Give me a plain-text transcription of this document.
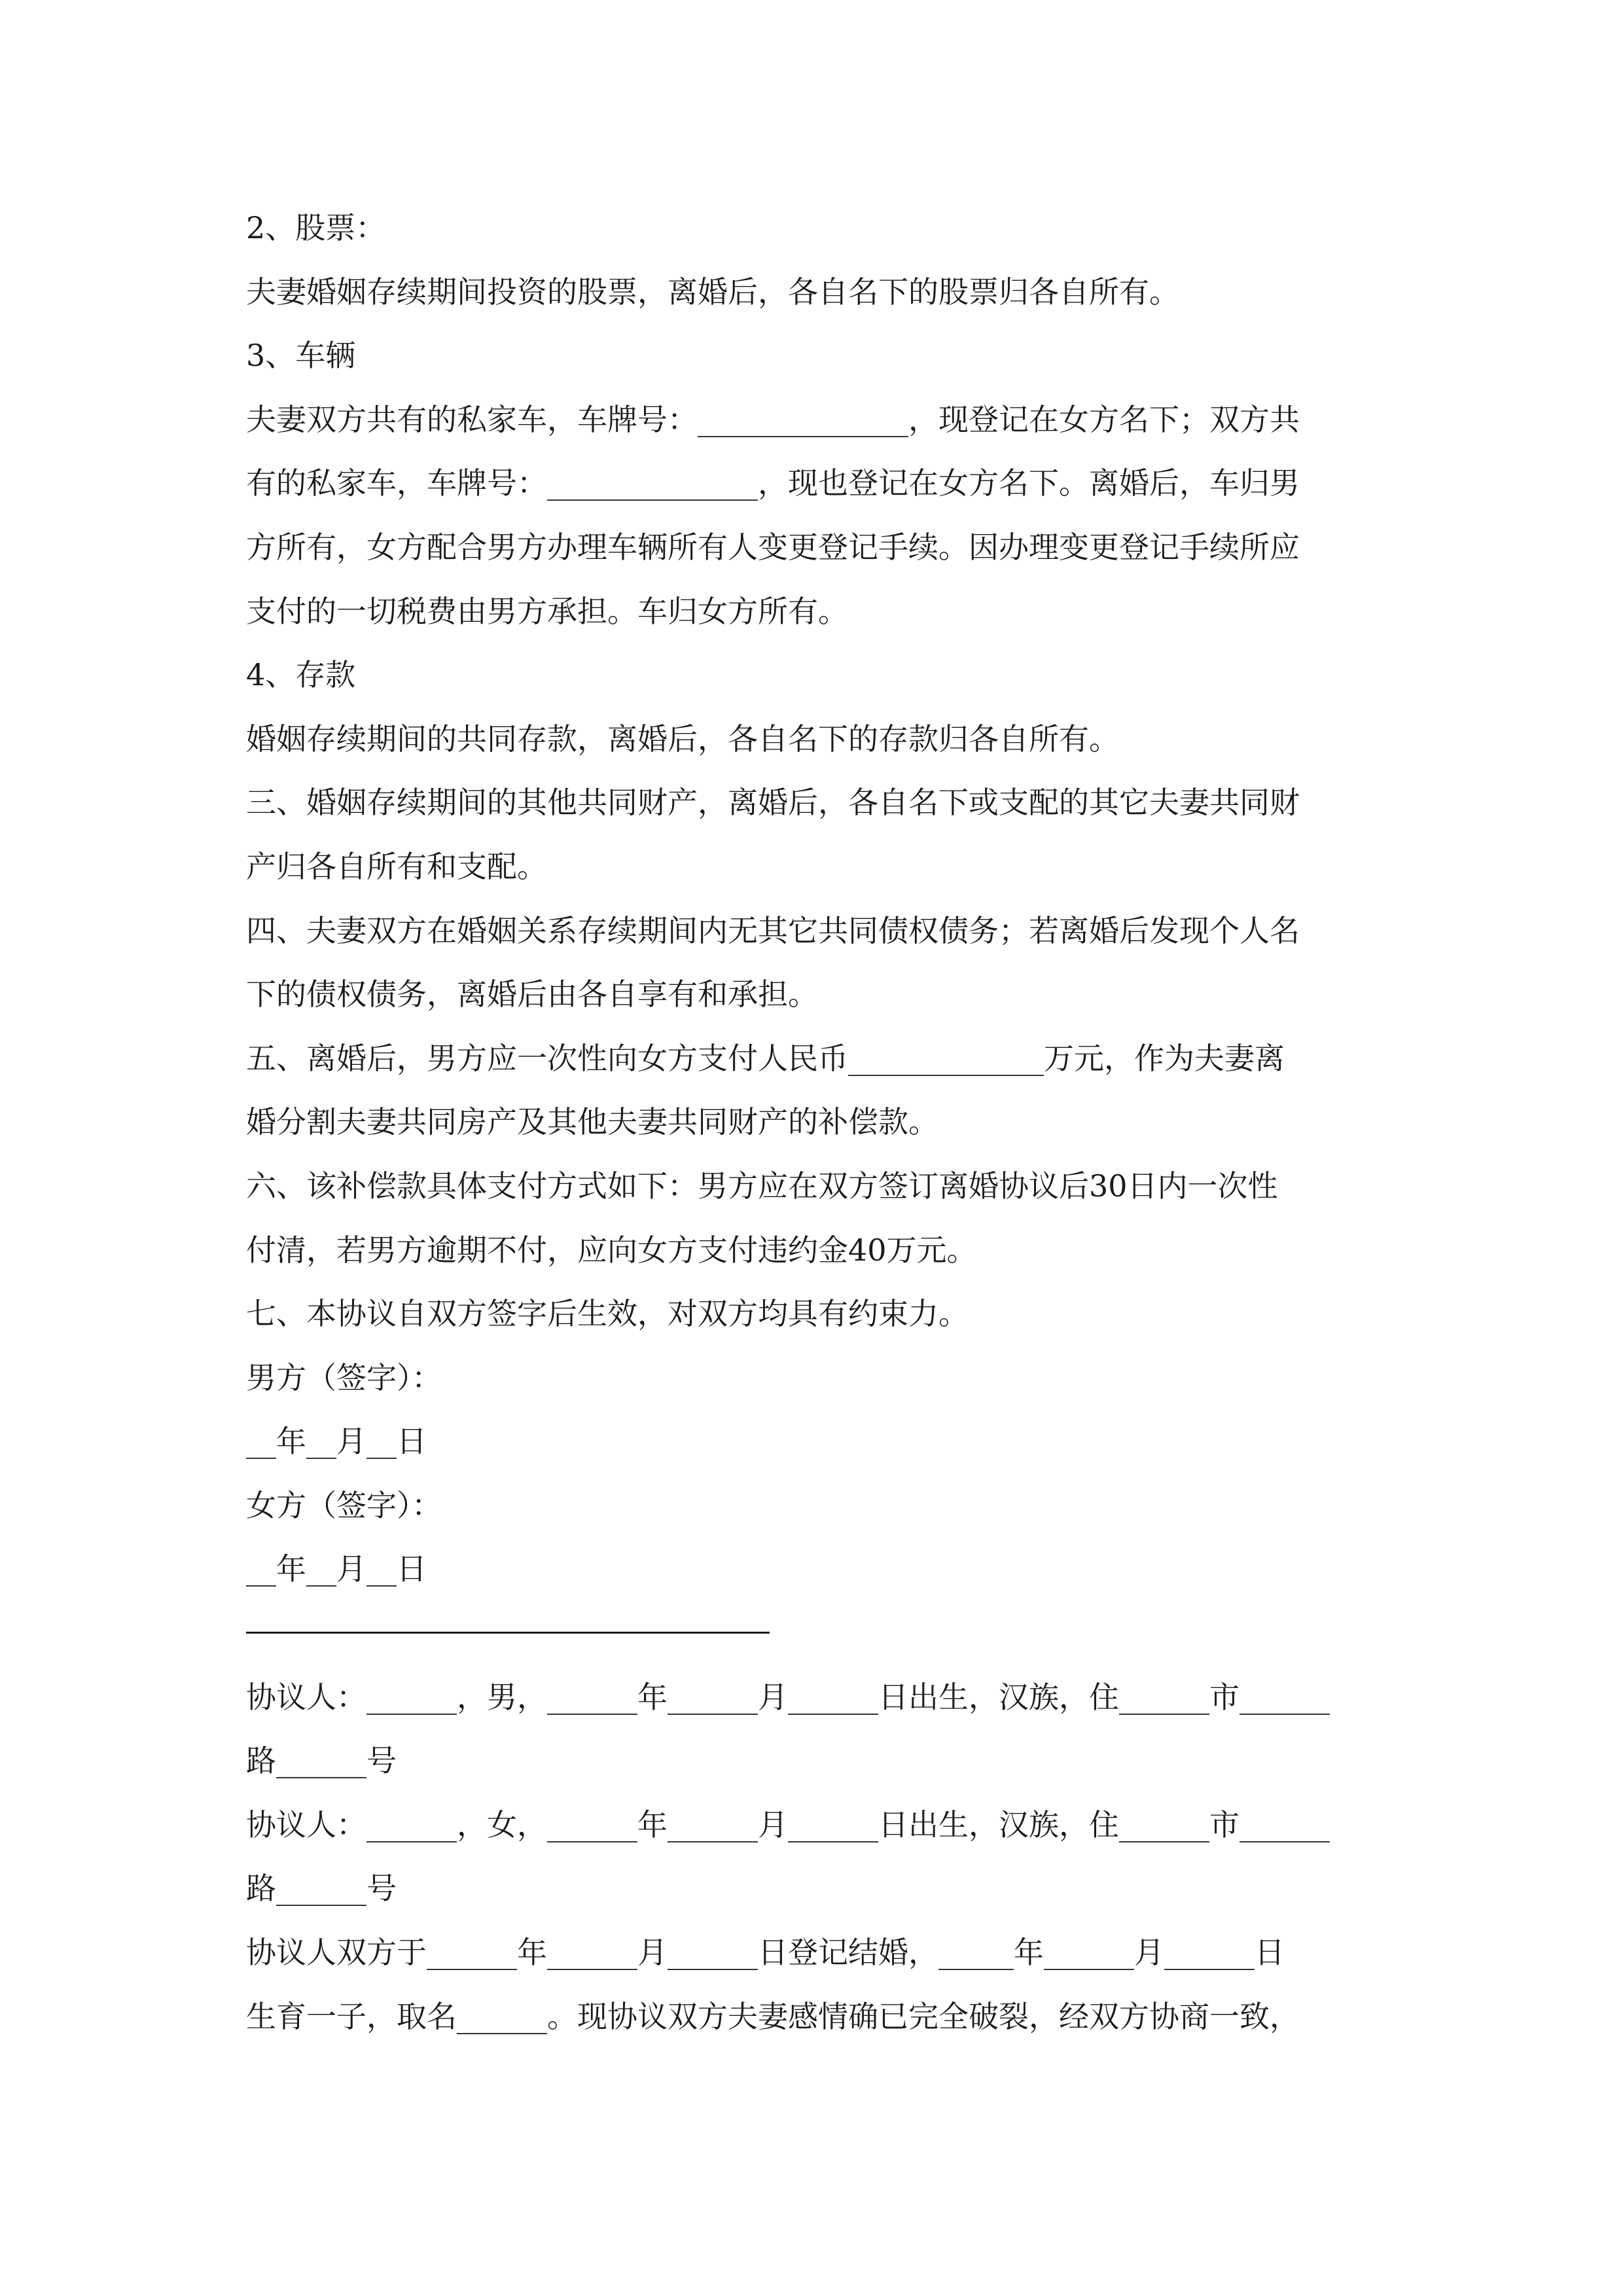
2、股票：
夫妻婚姻存续期间投资的股票，离婚后，各自名下的股票归各自所有。
3、车辆
夫妻双方共有的私家车，车牌号：______________，现登记在女方名下；双方共
有的私家车，车牌号：______________，现也登记在女方名下。离婚后，车归男
方所有，女方配合男方办理车辆所有人变更登记手续。因办理变更登记手续所应
支付的一切税费由男方承担。车归女方所有。
4、存款
婚姻存续期间的共同存款，离婚后，各自名下的存款归各自所有。
三、婚姻存续期间的其他共同财产，离婚后，各自名下或支配的其它夫妻共同财
产归各自所有和支配。
四、夫妻双方在婚姻关系存续期间内无其它共同债权债务；若离婚后发现个人名
下的债权债务，离婚后由各自享有和承担。
五、离婚后，男方应一次性向女方支付人民币_____________万元，作为夫妻离
婚分割夫妻共同房产及其他夫妻共同财产的补偿款。
六、该补偿款具体支付方式如下：男方应在双方签订离婚协议后30日内一次性
付清，若男方逾期不付，应向女方支付违约金40万元。
七、本协议自双方签字后生效，对双方均具有约束力。
男方（签字）：
__年__月__日
女方（签字）：
__年__月__日
协议人：______，男，______年______月______日出生，汉族，住______市______
路______号
协议人：______，女，______年______月______日出生，汉族，住______市______
路______号
协议人双方于______年______月______日登记结婚，_____年______月______日
生育一子，取名______。现协议双方夫妻感情确已完全破裂，经双方协商一致，
